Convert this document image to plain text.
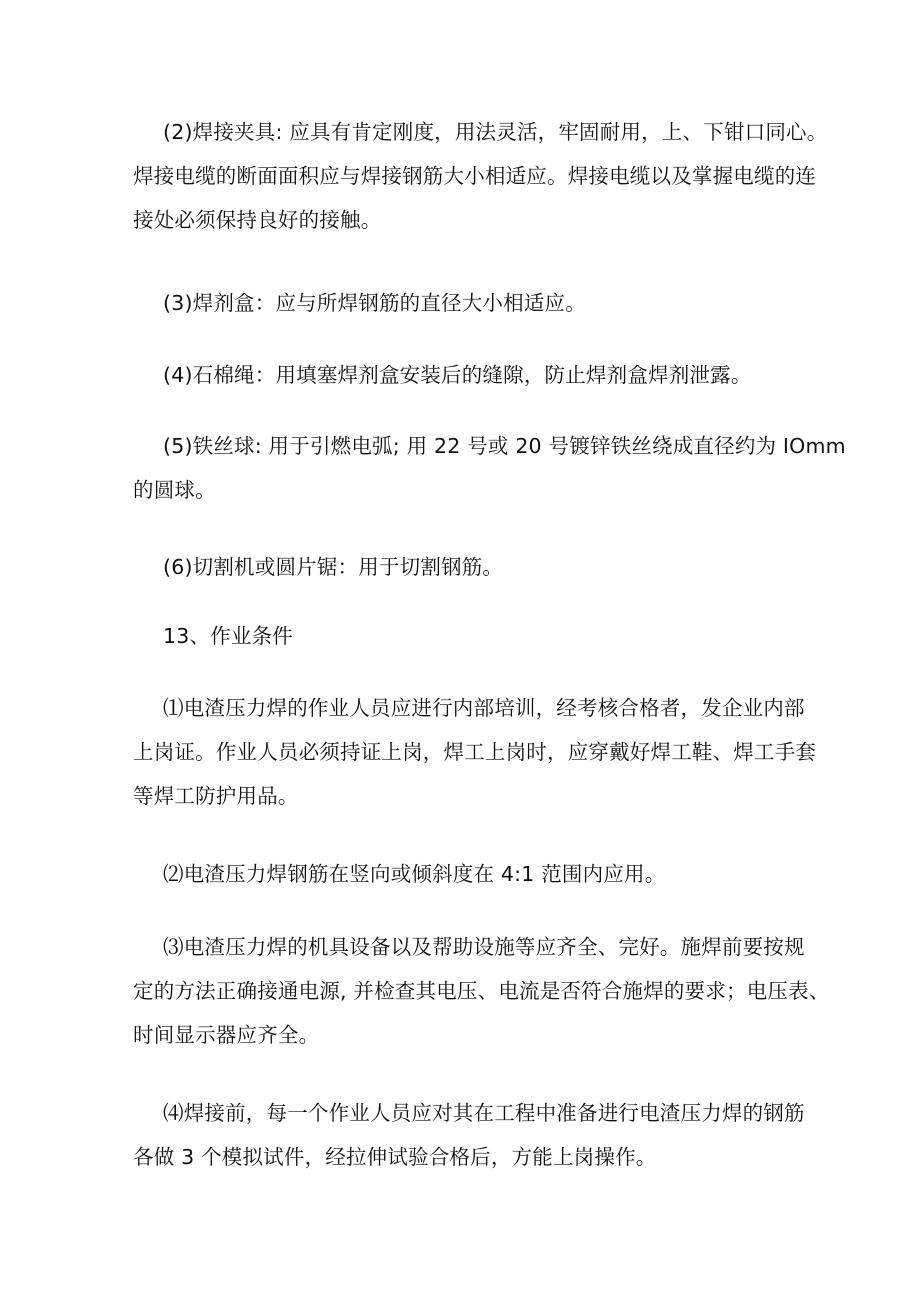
(2)焊接夹具: 应具有肯定刚度，用法灵活，牢固耐用，上、下钳口同心。
焊接电缆的断面面积应与焊接钢筋大小相适应。焊接电缆以及掌握电缆的连
接处必须保持良好的接触。
(3)焊剂盒：应与所焊钢筋的直径大小相适应。
(4)石棉绳：用填塞焊剂盒安装后的缝隙，防止焊剂盒焊剂泄露。
(5)铁丝球: 用于引燃电弧; 用 22 号或 20 号镀锌铁丝绕成直径约为 IOmm
的圆球。
(6)切割机或圆片锯：用于切割钢筋。
13、作业条件
⑴电渣压力焊的作业人员应进行内部培训，经考核合格者，发企业内部
上岗证。作业人员必须持证上岗，焊工上岗时，应穿戴好焊工鞋、焊工手套
等焊工防护用品。
⑵电渣压力焊钢筋在竖向或倾斜度在 4:1 范围内应用。
⑶电渣压力焊的机具设备以及帮助设施等应齐全、完好。施焊前要按规
定的方法正确接通电源, 并检查其电压、电流是否符合施焊的要求；电压表、
时间显示器应齐全。
⑷焊接前，每一个作业人员应对其在工程中准备进行电渣压力焊的钢筋
各做 3 个模拟试件，经拉伸试验合格后，方能上岗操作。
